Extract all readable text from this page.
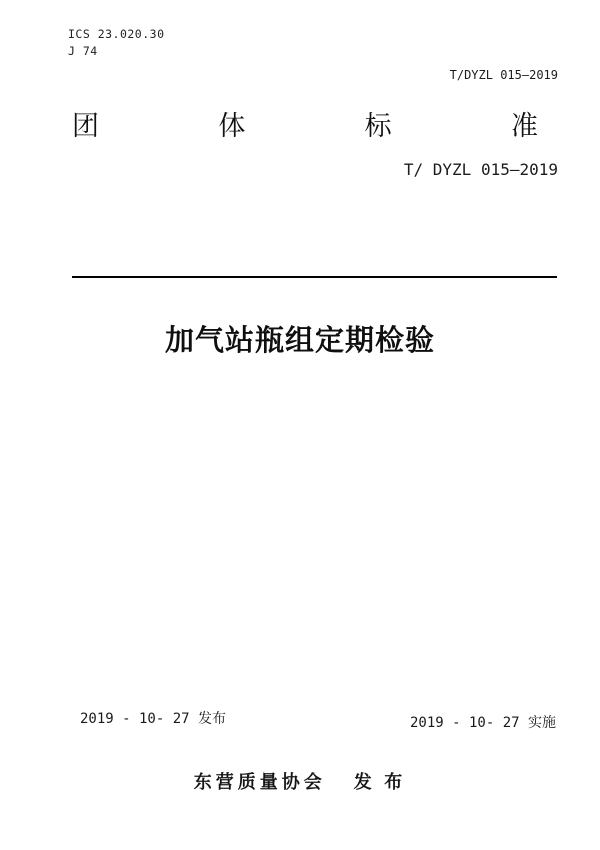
ICS 23.020.30
J 74
T/DYZL 015—2019
团	体	标	准
T/ DYZL 015—2019
加气站瓶组定期检验
2019 - 10- 27 发布	2019 - 10- 27 实施
东营质量协会 发 布
